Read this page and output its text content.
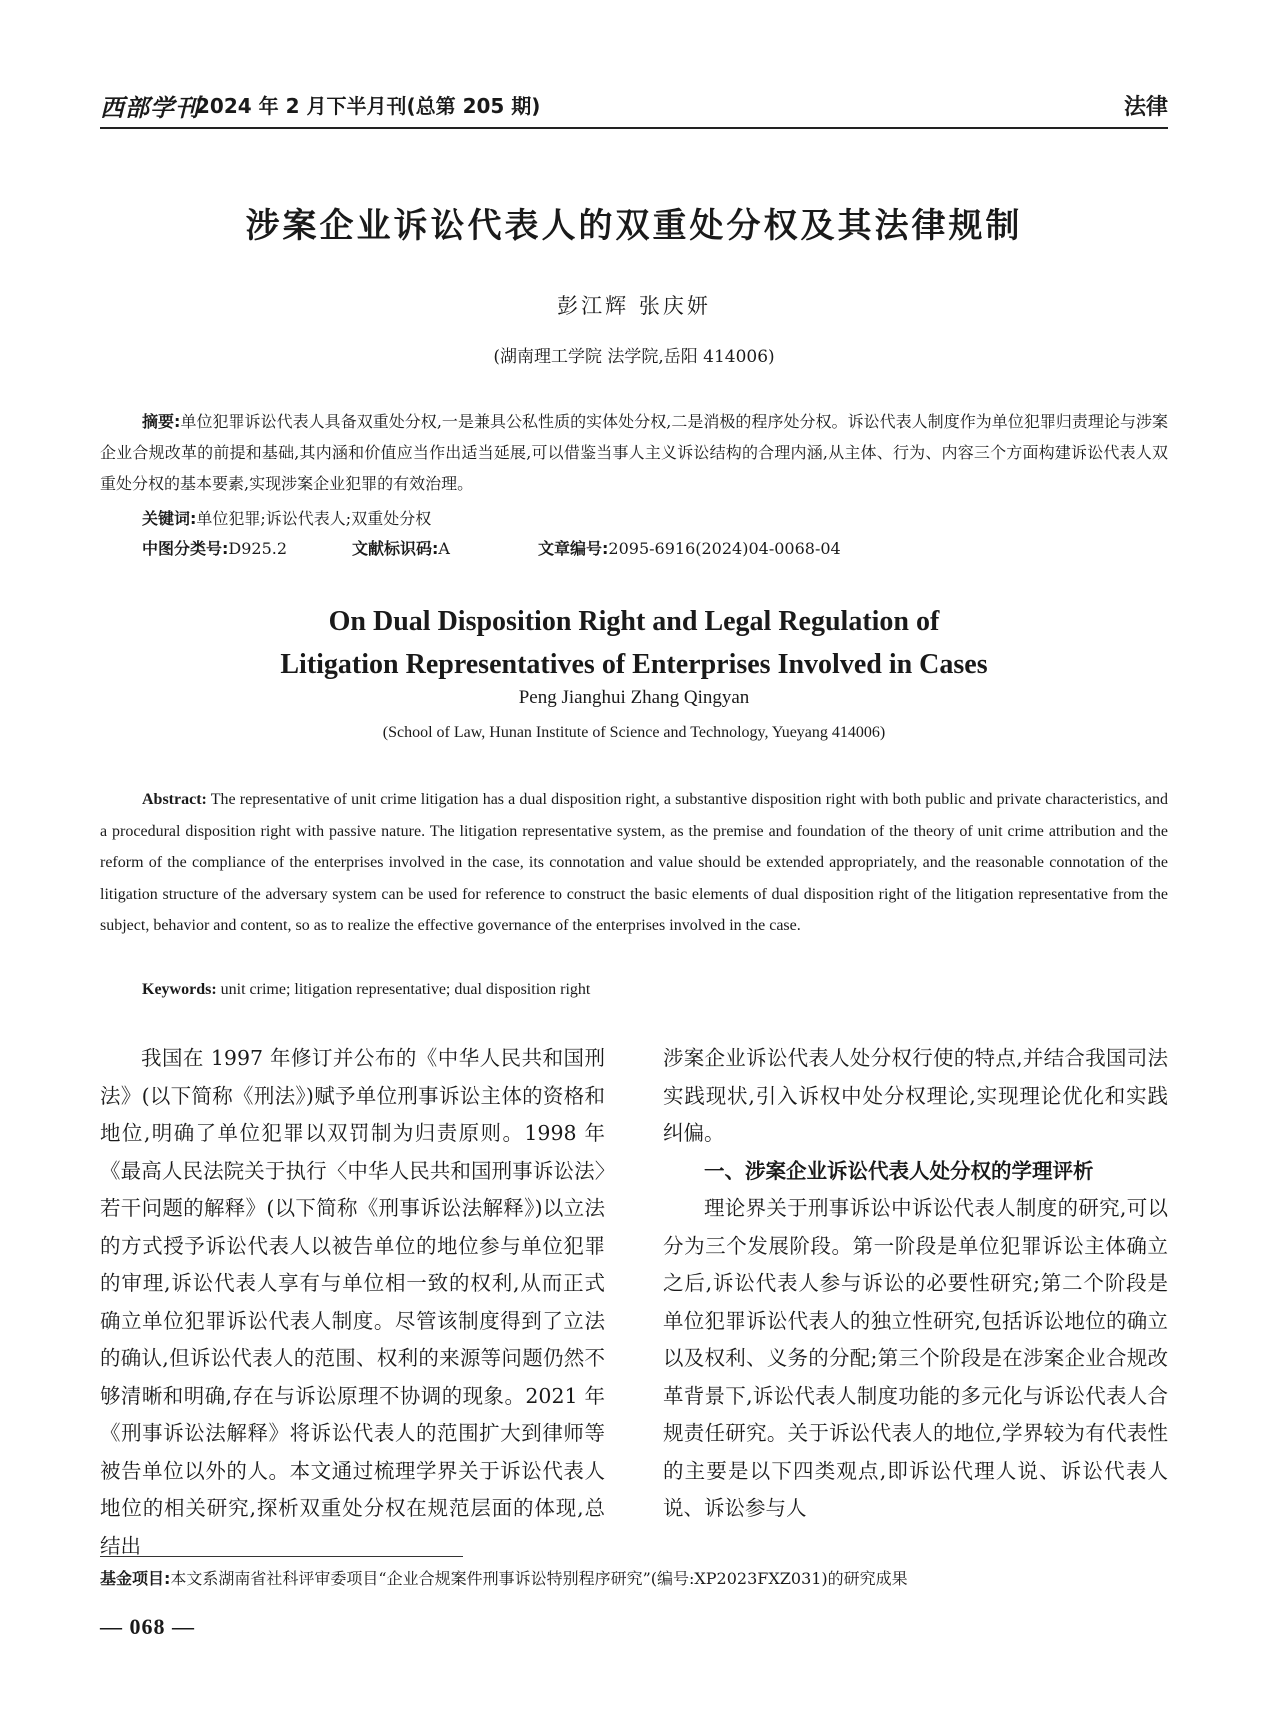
西部学刊
2024 年 2 月下半月刊(总第 205 期)	法律
涉案企业诉讼代表人的双重处分权及其法律规制
彭江辉 张庆妍
(湖南理工学院 法学院,岳阳 414006)
摘要:单位犯罪诉讼代表人具备双重处分权,一是兼具公私性质的实体处分权,二是消极的程序处分权。诉讼代表人制度作为单位犯罪归责理论与涉案企业合规改革的前提和基础,其内涵和价值应当作出适当延展,可以借鉴当事人主义诉讼结构的合理内涵,从主体、行为、内容三个方面构建诉讼代表人双重处分权的基本要素,实现涉案企业犯罪的有效治理。
关键词:单位犯罪;诉讼代表人;双重处分权
中图分类号:D925.2	文献标识码:A	文章编号:2095-6916(2024)04-0068-04
On Dual Disposition Right and Legal Regulation of
Litigation Representatives of Enterprises Involved in Cases
Peng Jianghui Zhang Qingyan
(School of Law, Hunan Institute of Science and Technology, Yueyang 414006)
Abstract: The representative of unit crime litigation has a dual disposition right, a substantive disposition right with both public and private characteristics, and a procedural disposition right with passive nature. The litigation representative system, as the premise and foundation of the theory of unit crime attribution and the reform of the compliance of the enterprises involved in the case, its connotation and value should be extended appropriately, and the reasonable connotation of the litigation structure of the adversary system can be used for reference to construct the basic elements of dual disposition right of the litigation representative from the subject, behavior and content, so as to realize the effective governance of the enterprises involved in the case.
Keywords: unit crime; litigation representative; dual disposition right

我国在 1997 年修订并公布的《中华人民共和国刑法》(以下简称《刑法》)赋予单位刑事诉讼主体的资格和地位,明确了单位犯罪以双罚制为归责原则。1998 年《最高人民法院关于执行〈中华人民共和国刑事诉讼法〉若干问题的解释》(以下简称《刑事诉讼法解释》)以立法的方式授予诉讼代表人以被告单位的地位参与单位犯罪的审理,诉讼代表人享有与单位相一致的权利,从而正式确立单位犯罪诉讼代表人制度。尽管该制度得到了立法的确认,但诉讼代表人的范围、权利的来源等问题仍然不够清晰和明确,存在与诉讼原理不协调的现象。2021 年《刑事诉讼法解释》将诉讼代表人的范围扩大到律师等被告单位以外的人。本文通过梳理学界关于诉讼代表人地位的相关研究,探析双重处分权在规范层面的体现,总结出

涉案企业诉讼代表人处分权行使的特点,并结合我国司法实践现状,引入诉权中处分权理论,实现理论优化和实践纠偏。

一、涉案企业诉讼代表人处分权的学理评析

理论界关于刑事诉讼中诉讼代表人制度的研究,可以分为三个发展阶段。第一阶段是单位犯罪诉讼主体确立之后,诉讼代表人参与诉讼的必要性研究;第二个阶段是单位犯罪诉讼代表人的独立性研究,包括诉讼地位的确立以及权利、义务的分配;第三个阶段是在涉案企业合规改革背景下,诉讼代表人制度功能的多元化与诉讼代表人合规责任研究。关于诉讼代表人的地位,学界较为有代表性的主要是以下四类观点,即诉讼代理人说、诉讼代表人说、诉讼参与人

基金项目:本文系湖南省社科评审委项目“企业合规案件刑事诉讼特别程序研究”(编号:XP2023FXZ031)的研究成果
— 068 —
